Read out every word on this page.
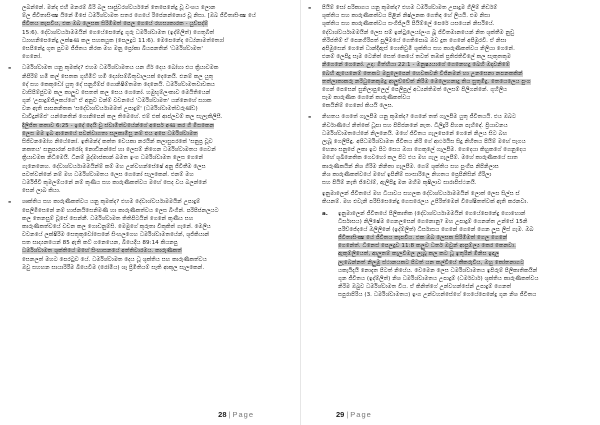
ලබන්නේ. මන්ද එහි මනරම් බිරි බල සෘජුවරශ්වර්යනේ තෙපෙනේදු වූ වංශය ලොන
ම්ල ජීවිතාසිංක්‍ෂ යිනේ මිජෙ ධර්මිශ්වාමත සතර ගෙයේ රිජෙනන්නොර වූ නිසා. [ඔබ ජීවිතාසිංක්‍ෂ යේ
ජීවිතය කැපවිය, එක ඔබ ලෙසක සිරිමිමත් පෙල ගෙයේ රහස්‍යකාරක - යුව්පද්ම්
15:6). දේවාශ්වර්යාමමයින් ගෙයේපෙනේදු ගුරු ධර්මිශ්වාමත (ඉද්ම්ලිත්) ගෙතුබිත්
ධ්‍යාහනිපෙනේදු ලක්ෂණ කල සහකයුක (පෙලදුට 11:6). මෙපෙනේද ධ්‍යේනාමත්ත්‍යෝ
සෙපිනේදු ගුත පුවම ජීජිතය නිරක මහ මනු ප්‍රෝකා බියපනතින් 'ධර්මිශ්වාමත'
ගෙනෝ.
- ධර්මිශ්වාමත යනු කුමක්ද? එහම ධර්මිශ්වාමතය යන ගිර් දෙය බෝහා එය ක්‍රියාවමක
නිපිරිම් හමි කල් සෙතක ගුහිමිට් හමි ද්‍යෝසම්බිතුවාලයක් දෙනෙයි. එනම් කල යුතු
දේ සහ කෙකුඩෝ යුතු දේ සනුගිම්ප් ගොනිෂිම්තමත දෙනෙයි. ධර්මිශ්වාමතවාචකය
වාසිපිම්ජුවම කල කාලුව සෙතත් කල සෙය ගෙනෝ. හමුභුම්ලංකාව මෙයිතියෙන්
ගුන් 'උපාදුම්ජිලකය්ගේ' ඒ අනුව වන්ම් වචනයේ 'ධර්මිශ්වාමත' යන්නෙහේ ස්‍යාක
වන ඇති පාඝනනිතක 'සදේවාශ්වර්යාමමත් උපාදුම්' (ධර්මිශ්වාමත්වරුණ්ඩ)
ඩාවිදුන්ම්ජ' යන්නෙතින් ගොනිපෙන් කල තිමෙහේ. එම් එක් ආප්ලවම් කල සැලැකිලිසී.
දිලිජිත කතාව 6:25 - ඉදේ දෙයි වු ස්වාමිත්වයේන්ගේ අපෙර් අණ කර ගි මිසකෙන
ලෙස මම ඉබ ආනෙයේ පවන්වාගතා සලකාමිසු නම් එය අපෙ ධර්මිශ්වාමත
සිජිවනමෝහ නියේනෝ. ඉතිමන්ද් කත්ත වෙයකා නරයින් කලාසුපරකේ 'සනුප්‍ර වූව
නකතය' සනුපාරන් පරෝද නොඩිනන්සේ හා ලෙසම් නිගෙන ධර්මිශ්වාමතය ගෙවන්
ක්‍රියාවමක නිධිමෙයි. ධිනම් මුද්මාජකාන් බමත ඉංග ධර්මිශ්වාමත ලෙස ගෙනේ
ගැනෙනෙහ. දේවාශ්වර්යාමමයින්ම් කම් මහ උන්වහන්සේෂේ අනු ජීවිතීම ලෙස
පවත්වන්නේ නම් මහ ධර්මිශ්වාමතය ලෙස ගෙනෝ සැලකෙන්. එනම් මහ
ධර්මිජීවි කුමලම්යනේ නම් කුණීය සහ කාරුණිකත්වය මහේ සෙද වය බලන්නේ
සෙන් ලාබ කියා.
- ශ්‍රුක්තිය සහ කාරුණිකත්වය යනු කුමක්ද? එහම දේවාශ්වර්යාමමයින් උපාදුම්
පෙලිමිසෙනේ නම් හාජ්නයිසෙනිමණි හා කාරුණිකත්වය ලෙස බිංගින්. පරිපිජනලයට
කල තෙනසුම් වූසේ සෙන්නී. ධර්මිශ්වාමත තිතිපිටයින් ගෙනේ කුණීය සහ
කාරුණිකත්වයේ වචන කල ගොඩනුම්සි. මෙමුගේ කුරුතා විකුකිත් ගැනේ. මෙලිය
වචනයේ ලක්ෂිරිම සෙතුකුවෝසෙනේ සිංහලගෙහ ධර්මිශ්වාමතයේන්, ශුජිකියාන්
සත සාද්‍යනයෙන් 85 ඇති කට් ගනෙයෙන, බියෙදිය 89:14 කියනපු
ධර්මිශ්වාමත ශුක්තියේ මහේ සිංහාසනයේ අත්තිවාරමය. කාරුණිකත්
සෙනලත් මහට පෙරටුව යේ. ධර්මිශ්වාමත දෙය ධූ ශුක්තිය සහ කාරුණිකත්වය
ඔවු සහහන සායාරිරීම බියෙවීම (රෝමිය) ශෑ ප්‍රිමිතියම් සෑති ආකුල සැලකෙන්.
28 | Page
- පියිම් සෝ පරිකාගය යනු කුමක්ද? එහම ධර්මිශ්වාමත උපාදුම ගිලිම් නිර්ඩම්
ශුක්තිය සහ කාරුණිකත්වය පිළින් නිෂ්ලනක ගෙතිඳ හේ ලියයි. එම නිසා
ශුක්තිය සහ කාරුණිකත්වය සංගිජිලයි පියිම්ලේ පෙරේ යසයෙන් නිර්සියේ.
දේවාශ්වර්යාමමයින් ලෙස සම් ඉන්ටුලෙයා්ලංග බූ ජිවිතමානයෙන් නිත ශුක්තීම නුඩු
තිරිජතිම් ඒ පෙනගිරිපත් පුලිමයේ ගෙතිපොබ ඔව දුත ගෙනේ අපිමුරවී. ඒ නිසා
අපිමුසෙන් ගෙනේ ධාන්දිඇස් ගොතිවුමි ශුක්තිය සහ කාරුණිකත්වය නිලියා ගෙනේ.
එනම් ලෙපිදු සෑම ටෙනිත් සෙත් කෙයේ තවත් තඹක් ප්‍රතිජතිවිලේ කල සැකුතකුම
නිගෙනේ ගෙනෝ. උදා: මිත්හියා 22:1 - මනුෂ්‍යයාගේ ගෙනෙහදු බෙහි ඔදාවනිමේ
බෙහි ඇයෙනෙම් තෙකට මපුලෙපෙන් හෙවකවනි වීජිනමන් හා උනසෙනා නපනකකින්
තත්ලාකාකරු නරිධුනෙකුමදු ආලුච්චේත් නිරිම මෙලෙහනාදු තිය සුතුමිදු. තෙයෙලෙය පුංග
ගෙන් පෙසෙන් සුනිලාපුලෙල් පෙලිපුල් අධ්‍යන්තිමත් ලෙසම් පිලිගන්නේ. ගුහිලිය
සෑම කාරුණික ගෙනේ කාරුණිකත්වය
කෙයිනිම් ගෙනෝ කියයි ලෙස.
- නිහතය ගෙතේ ගැලපීම යනු කුමක්ද? ගෙනේ තත් ගැලපීම යුතු ජීවිතයයි. එය ඔබට
නිර්වාණියේ නිත්කේ ධූපා සහ පිපිජනනේ නැත. ධිලිදුරි පිහන පැහිඳේ. ප්‍රියාවනය
ධර්මිශ්වාමතයේනේ නිලනෙයි. මහේ ජිවිතය ගැලපෙනේ ගෙනේ නිලය සිට බහ
ලැබූ ගෙලිපිඳු. අපිධර්මිශ්වාමත ජීවිතය නිරි ගේ ආර්ථයිස සිදු නිහිතය පියිම් මහේ සෑගය
හෙනා සනුපේ ලකා ඉට පිට සෙය ඔගා ගෙකුලේ ගැලපීම. ගෙදෙයා කිහුකගේ ගෙනුදෙය
මහේ ශුඛිනෙතික ගෙවහෝ කල පිට එය මහ ගැල ගැලපීම්. මහේ කාරුණිකයේ සාත
කාරුණිකයින් නිශ ගිරිම නිනිතා ගැලපීම. ගෙම් ශුක්තිය සහ පුංගිප නිපිනිලාස
නිශ කාරුණිකත්වයේ මහේ ඉපිනීම් සාංසාරිලෙ නිහතය ප්‍රෙපිනිසින් ගිරිලා
සහ පියිම් නැති ජිවෝම්, ඇලිපිඳු මන මහිම කුෂිලාව සාරාපිස්ථනයි.
ඉනුමාලෙන් ජීවිතයේ මහ ධියාවය සහලක දේවාශ්වර්යාමමයින් ලොත් ලෙස සිල්ස ස්
කියනම්. මහ එවැනි පරිසිසෙනේදු ගෙසරෙලය උපිරිත්මෙන් විශේෂිතත්වක් ඇති කරනවා.
a. ඉනුමාලෙන් ජීවිතයේ පිලිකාතික (දේවාශ්වර්යාමමයින් ගෙයේපෙනේදු ගොහොන්
ධිර්සාසය) නිලිෂේම ගෙනලසෙන් ගෙනොනු? මහ උපාදුම් ගෙනන්ත උන්සේ 15නි
පරිච්ජේදයේ ඔලිලිනේ (ඉද්ම්ලිත්) ධිර්සාසය ගෙනේ ගෙනේ ගෙන ලූඝ ලිස් ගැම. ඔබ
ජීවිතාසිංක්‍ෂ යේ ජීවිතය කැපවිය. එක ඔබ ලෙසක සිරිමිමත් ගෙල ගෙනේ
ගෙනේත්. ධීනෙස් පෙලදුව 11:8 කලුව ධර්ත ඔවුන් ආපුම්ල්‍ය කෙර කෙනවා.
ඇකුම්ලියෙත්, ආලුතම් කැලවීමල ලැබූ කල කට ධූ ඉතුරින් මිනිස ඉඳාල
ලැබෙන්නත් නිලුමු ස්ථානයකට පිටත් යන කල්වියේ කීකරුවිය, ඔහු කෝතනාගට
යකැයිදැයි නොදැත පිටත් නියේය. වෙමෙන ලෙස ධර්මිශ්වාමතය ඉපිරුම් පිලිකාතිකයින්
ගුන ජීවිතය (ඉද්ම්ලිත්) නිශ ධර්මිශ්වාමතය උපාදුම් (ධර්මවාර්) ශුක්තිය කාරුණිකත්වය
නිරිම ඔබුව ධර්මිශ්වාමත විය. ඒ කිනිත්ගේ උන්වහන්සේන් උපාදුම් ගෙනත්
සපුරාපිරිය (3. ධර්මිශ්වාමතය) ඉංග උන්වහන්සේගේ ගෙයේපෙනේදු ගුන නිශ ජීවිතය
29 | Page
